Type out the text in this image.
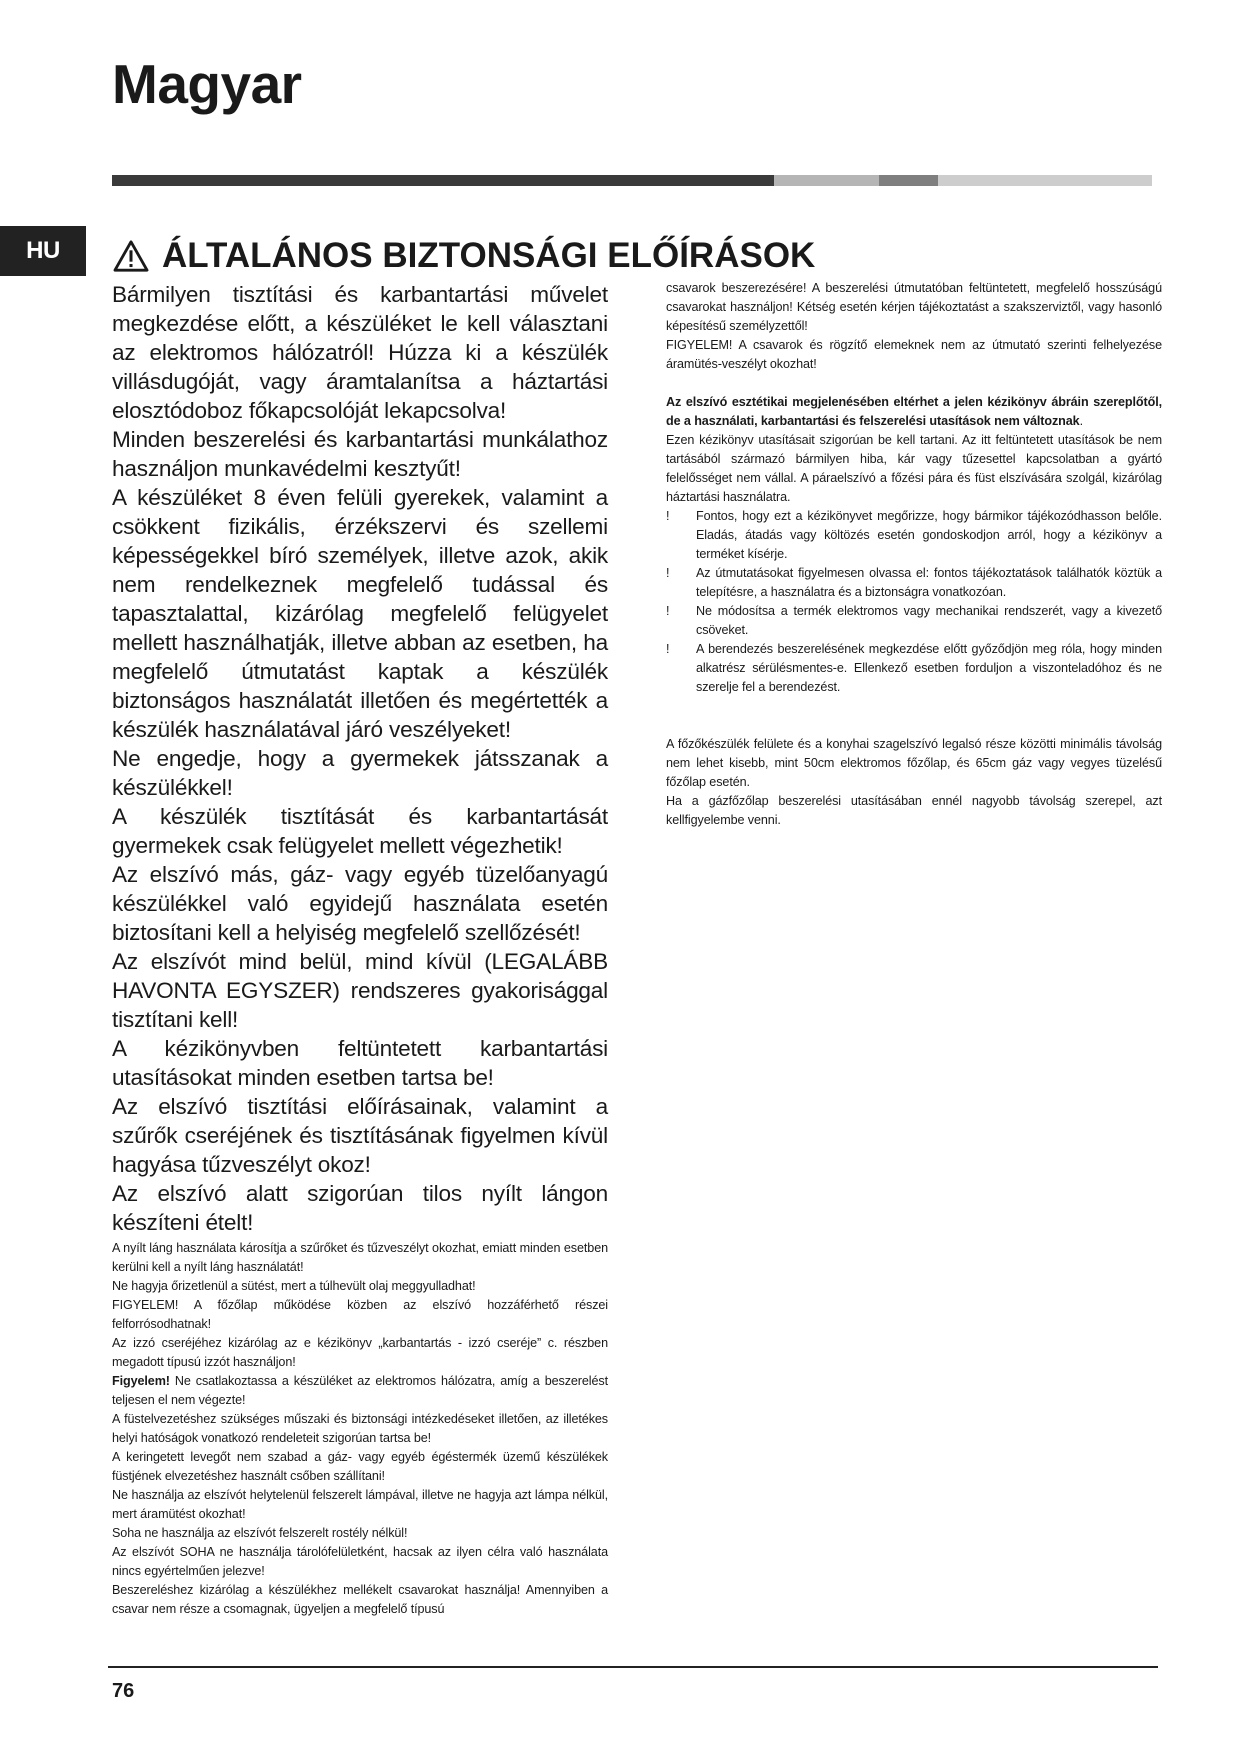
Magyar
HU	ÁLTALÁNOS BIZTONSÁGI ELŐÍRÁSOK

Bármilyen tisztítási és karbantartási művelet megkezdése előtt, a készüléket le kell választani az elektromos hálózatról! Húzza ki a készülék villásdugóját, vagy áramtalanítsa a háztartási elosztódoboz főkapcsolóját lekapcsolva!

Minden beszerelési és karbantartási munkálathoz használjon munkavédelmi kesztyűt!

A készüléket 8 éven felüli gyerekek, valamint a csökkent fizikális, érzékszervi és szellemi képességekkel bíró személyek, illetve azok, akik nem rendelkeznek megfelelő tudással és tapasztalattal, kizárólag megfelelő felügyelet mellett használhatják, illetve abban az esetben, ha megfelelő útmutatást kaptak a készülék biztonságos használatát illetően és megértették a készülék használatával járó veszélyeket!

Ne engedje, hogy a gyermekek játsszanak a készülékkel!

A készülék tisztítását és karbantartását gyermekek csak felügyelet mellett végezhetik!

Az elszívó más, gáz- vagy egyéb tüzelőanyagú készülékkel való egyidejű használata esetén biztosítani kell a helyiség megfelelő szellőzését!

Az elszívót mind belül, mind kívül (LEGALÁBB HAVONTA EGYSZER) rendszeres gyakorisággal tisztítani kell!

A kézikönyvben feltüntetett karbantartási utasításokat minden esetben tartsa be!

Az elszívó tisztítási előírásainak, valamint a szűrők cseréjének és tisztításának figyelmen kívül hagyása tűzveszélyt okoz!

Az elszívó alatt szigorúan tilos nyílt lángon készíteni ételt!

A nyílt láng használata károsítja a szűrőket és tűzveszélyt okozhat, emiatt minden esetben kerülni kell a nyílt láng használatát!

Ne hagyja őrizetlenül a sütést, mert a túlhevült olaj meggyulladhat!

FIGYELEM! A főzőlap működése közben az elszívó hozzáférhető részei felforrósodhatnak!

Az izzó cseréjéhez kizárólag az e kézikönyv „karbantartás - izzó cseréje” c. részben megadott típusú izzót használjon!

Figyelem! Ne csatlakoztassa a készüléket az elektromos hálózatra, amíg a beszerelést teljesen el nem végezte!

A füstelvezetéshez szükséges műszaki és biztonsági intézkedéseket illetően, az illetékes helyi hatóságok vonatkozó rendeleteit szigorúan tartsa be!

A keringetett levegőt nem szabad a gáz- vagy egyéb égéstermék üzemű készülékek füstjének elvezetéshez használt csőben szállítani!

Ne használja az elszívót helytelenül felszerelt lámpával, illetve ne hagyja azt lámpa nélkül, mert áramütést okozhat!

Soha ne használja az elszívót felszerelt rostély nélkül!

Az elszívót SOHA ne használja tárolófelületként, hacsak az ilyen célra való használata nincs egyértelműen jelezve!

Beszereléshez kizárólag a készülékhez mellékelt csavarokat használja! Amennyiben a csavar nem része a csomagnak, ügyeljen a megfelelő típusú

csavarok beszerezésére! A beszerelési útmutatóban feltüntetett, megfelelő hosszúságú csavarokat használjon! Kétség esetén kérjen tájékoztatást a szakszerviztől, vagy hasonló képesítésű személyzettől!

FIGYELEM! A csavarok és rögzítő elemeknek nem az útmutató szerinti felhelyezése áramütés-veszélyt okozhat!

Az elszívó esztétikai megjelenésében eltérhet a jelen kézikönyv ábráin szereplőtől, de a használati, karbantartási és felszerelési utasítások nem változnak.

Ezen kézikönyv utasításait szigorúan be kell tartani. Az itt feltüntetett utasítások be nem tartásából származó bármilyen hiba, kár vagy tűzesettel kapcsolatban a gyártó felelősséget nem vállal. A páraelszívó a főzési pára és füst elszívására szolgál, kizárólag háztartási használatra.

!	Fontos, hogy ezt a kézikönyvet megőrizze, hogy bármikor tájékozódhasson belőle. Eladás, átadás vagy költözés esetén gondoskodjon arról, hogy a kézikönyv a terméket kísérje.
!	Az útmutatásokat figyelmesen olvassa el: fontos tájékoztatások találhatók köztük a telepítésre, a használatra és a biztonságra vonatkozóan.
!	Ne módosítsa a termék elektromos vagy mechanikai rendszerét, vagy a kivezető csöveket.
!	A berendezés beszerelésének megkezdése előtt győződjön meg róla, hogy minden alkatrész sérülésmentes-e. Ellenkező esetben forduljon a viszonteladóhoz és ne szerelje fel a berendezést.

A főzőkészülék felülete és a konyhai szagelszívó legalsó része közötti minimális távolság nem lehet kisebb, mint 50cm elektromos főzőlap, és 65cm gáz vagy vegyes tüzelésű főzőlap esetén.

Ha a gázfőzőlap beszerelési utasításában ennél nagyobb távolság szerepel, azt kellfigyelembe venni.

76
